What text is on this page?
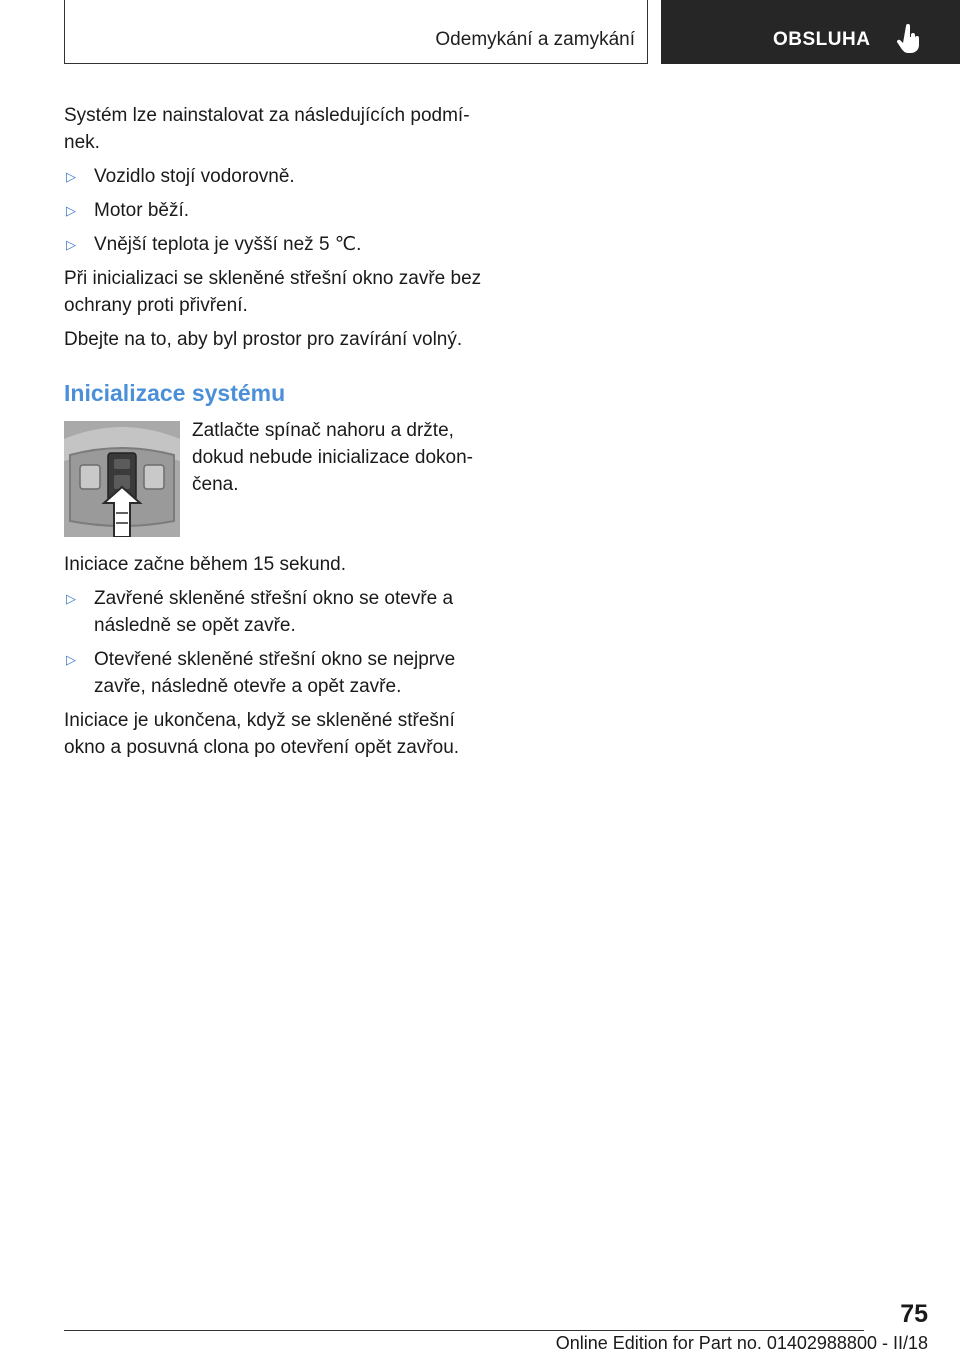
Odemykání a zamykání	OBSLUHA

Systém lze nainstalovat za následujících podmínek.

▷ Vozidlo stojí vodorovně.
▷ Motor běží.
▷ Vnější teplota je vyšší než 5 ℃.

Při inicializaci se skleněné střešní okno zavře bez ochrany proti přivření.

Dbejte na to, aby byl prostor pro zavírání volný.

Inicializace systému
Zatlačte spínač nahoru a držte, dokud nebude inicializace dokončena.

Iniciace začne během 15 sekund.

▷ Zavřené skleněné střešní okno se otevře a následně se opět zavře.
▷ Otevřené skleněné střešní okno se nejprve zavře, následně otevře a opět zavře.

Iniciace je ukončena, když se skleněné střešní okno a posuvná clona po otevření opět zavřou.

75
Online Edition for Part no. 01402988800 - II/18
